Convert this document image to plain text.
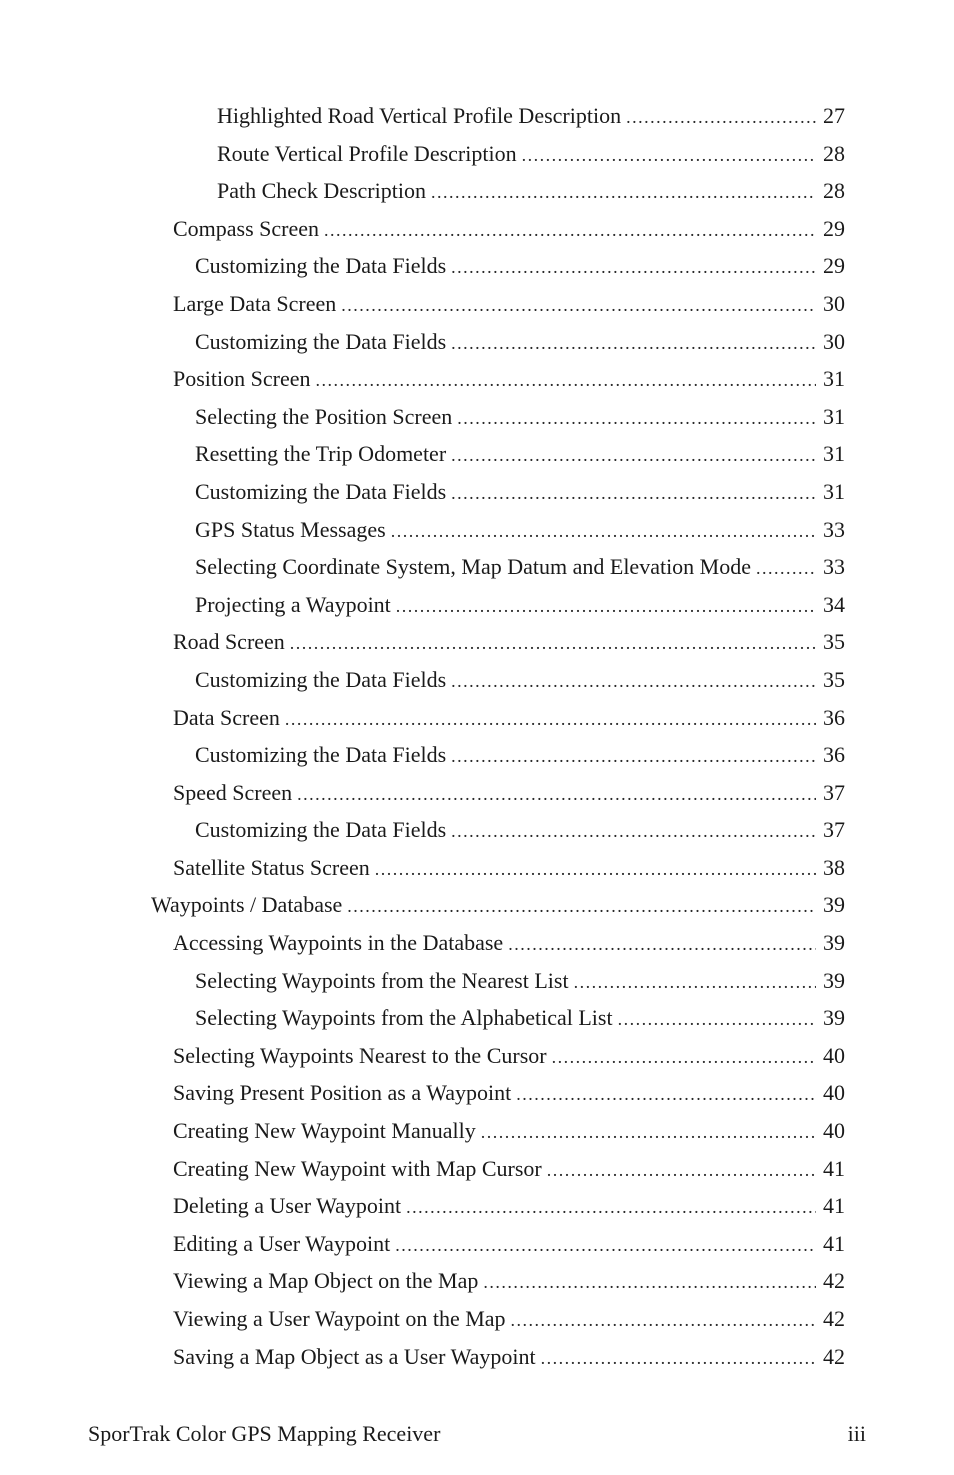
Highlighted Road Vertical Profile Description .....	27
Route Vertical Profile Description .....	28
Path Check Description .....	28
Compass Screen .....	29
Customizing the Data Fields .....	29
Large Data Screen .....	30
Customizing the Data Fields .....	30
Position Screen .....	31
Selecting the Position Screen .....	31
Resetting the Trip Odometer .....	31
Customizing the Data Fields .....	31
GPS Status Messages .....	33
Selecting Coordinate System, Map Datum and Elevation Mode .....	33
Projecting a Waypoint .....	34
Road Screen .....	35
Customizing the Data Fields .....	35
Data Screen .....	36
Customizing the Data Fields .....	36
Speed Screen .....	37
Customizing the Data Fields .....	37
Satellite Status Screen .....	38
Waypoints / Database .....	39
Accessing Waypoints in the Database .....	39
Selecting Waypoints from the Nearest List .....	39
Selecting Waypoints from the Alphabetical List .....	39
Selecting Waypoints Nearest to the Cursor .....	40
Saving Present Position as a Waypoint .....	40
Creating New Waypoint Manually .....	40
Creating New Waypoint with Map Cursor .....	41
Deleting a User Waypoint .....	41
Editing a User Waypoint .....	41
Viewing a Map Object on the Map .....	42
Viewing a User Waypoint on the Map .....	42
Saving a Map Object as a User Waypoint .....	42
SporTrak Color GPS Mapping Receiver	iii
